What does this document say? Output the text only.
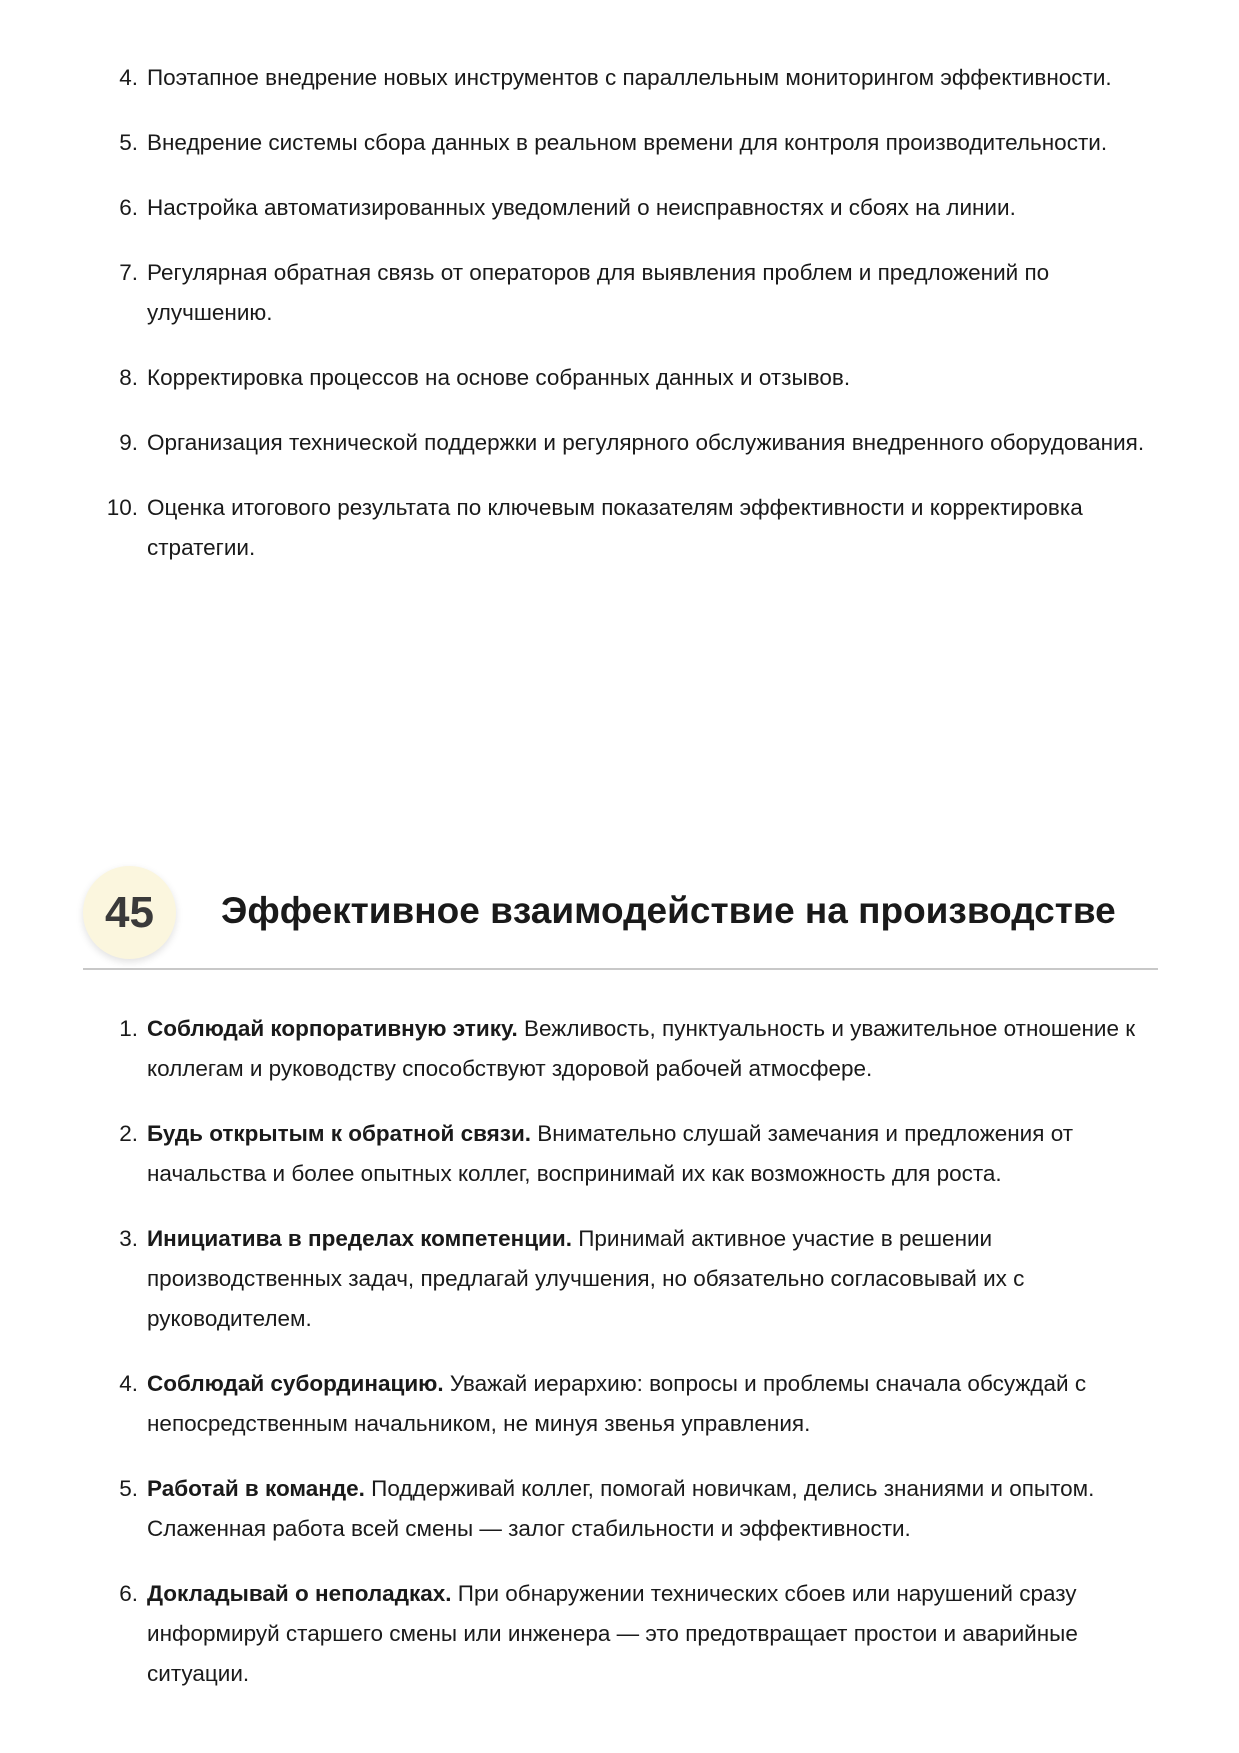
4. Поэтапное внедрение новых инструментов с параллельным мониторингом эффективности.
5. Внедрение системы сбора данных в реальном времени для контроля производительности.
6. Настройка автоматизированных уведомлений о неисправностях и сбоях на линии.
7. Регулярная обратная связь от операторов для выявления проблем и предложений по улучшению.
8. Корректировка процессов на основе собранных данных и отзывов.
9. Организация технической поддержки и регулярного обслуживания внедренного оборудования.
10. Оценка итогового результата по ключевым показателям эффективности и корректировка стратегии.
45	Эффективное взаимодействие на производстве
1. Соблюдай корпоративную этику. Вежливость, пунктуальность и уважительное отношение к коллегам и руководству способствуют здоровой рабочей атмосфере.
2. Будь открытым к обратной связи. Внимательно слушай замечания и предложения от начальства и более опытных коллег, воспринимай их как возможность для роста.
3. Инициатива в пределах компетенции. Принимай активное участие в решении производственных задач, предлагай улучшения, но обязательно согласовывай их с руководителем.
4. Соблюдай субординацию. Уважай иерархию: вопросы и проблемы сначала обсуждай с непосредственным начальником, не минуя звенья управления.
5. Работай в команде. Поддерживай коллег, помогай новичкам, делись знаниями и опытом. Слаженная работа всей смены — залог стабильности и эффективности.
6. Докладывай о неполадках. При обнаружении технических сбоев или нарушений сразу информируй старшего смены или инженера — это предотвращает простои и аварийные ситуации.
